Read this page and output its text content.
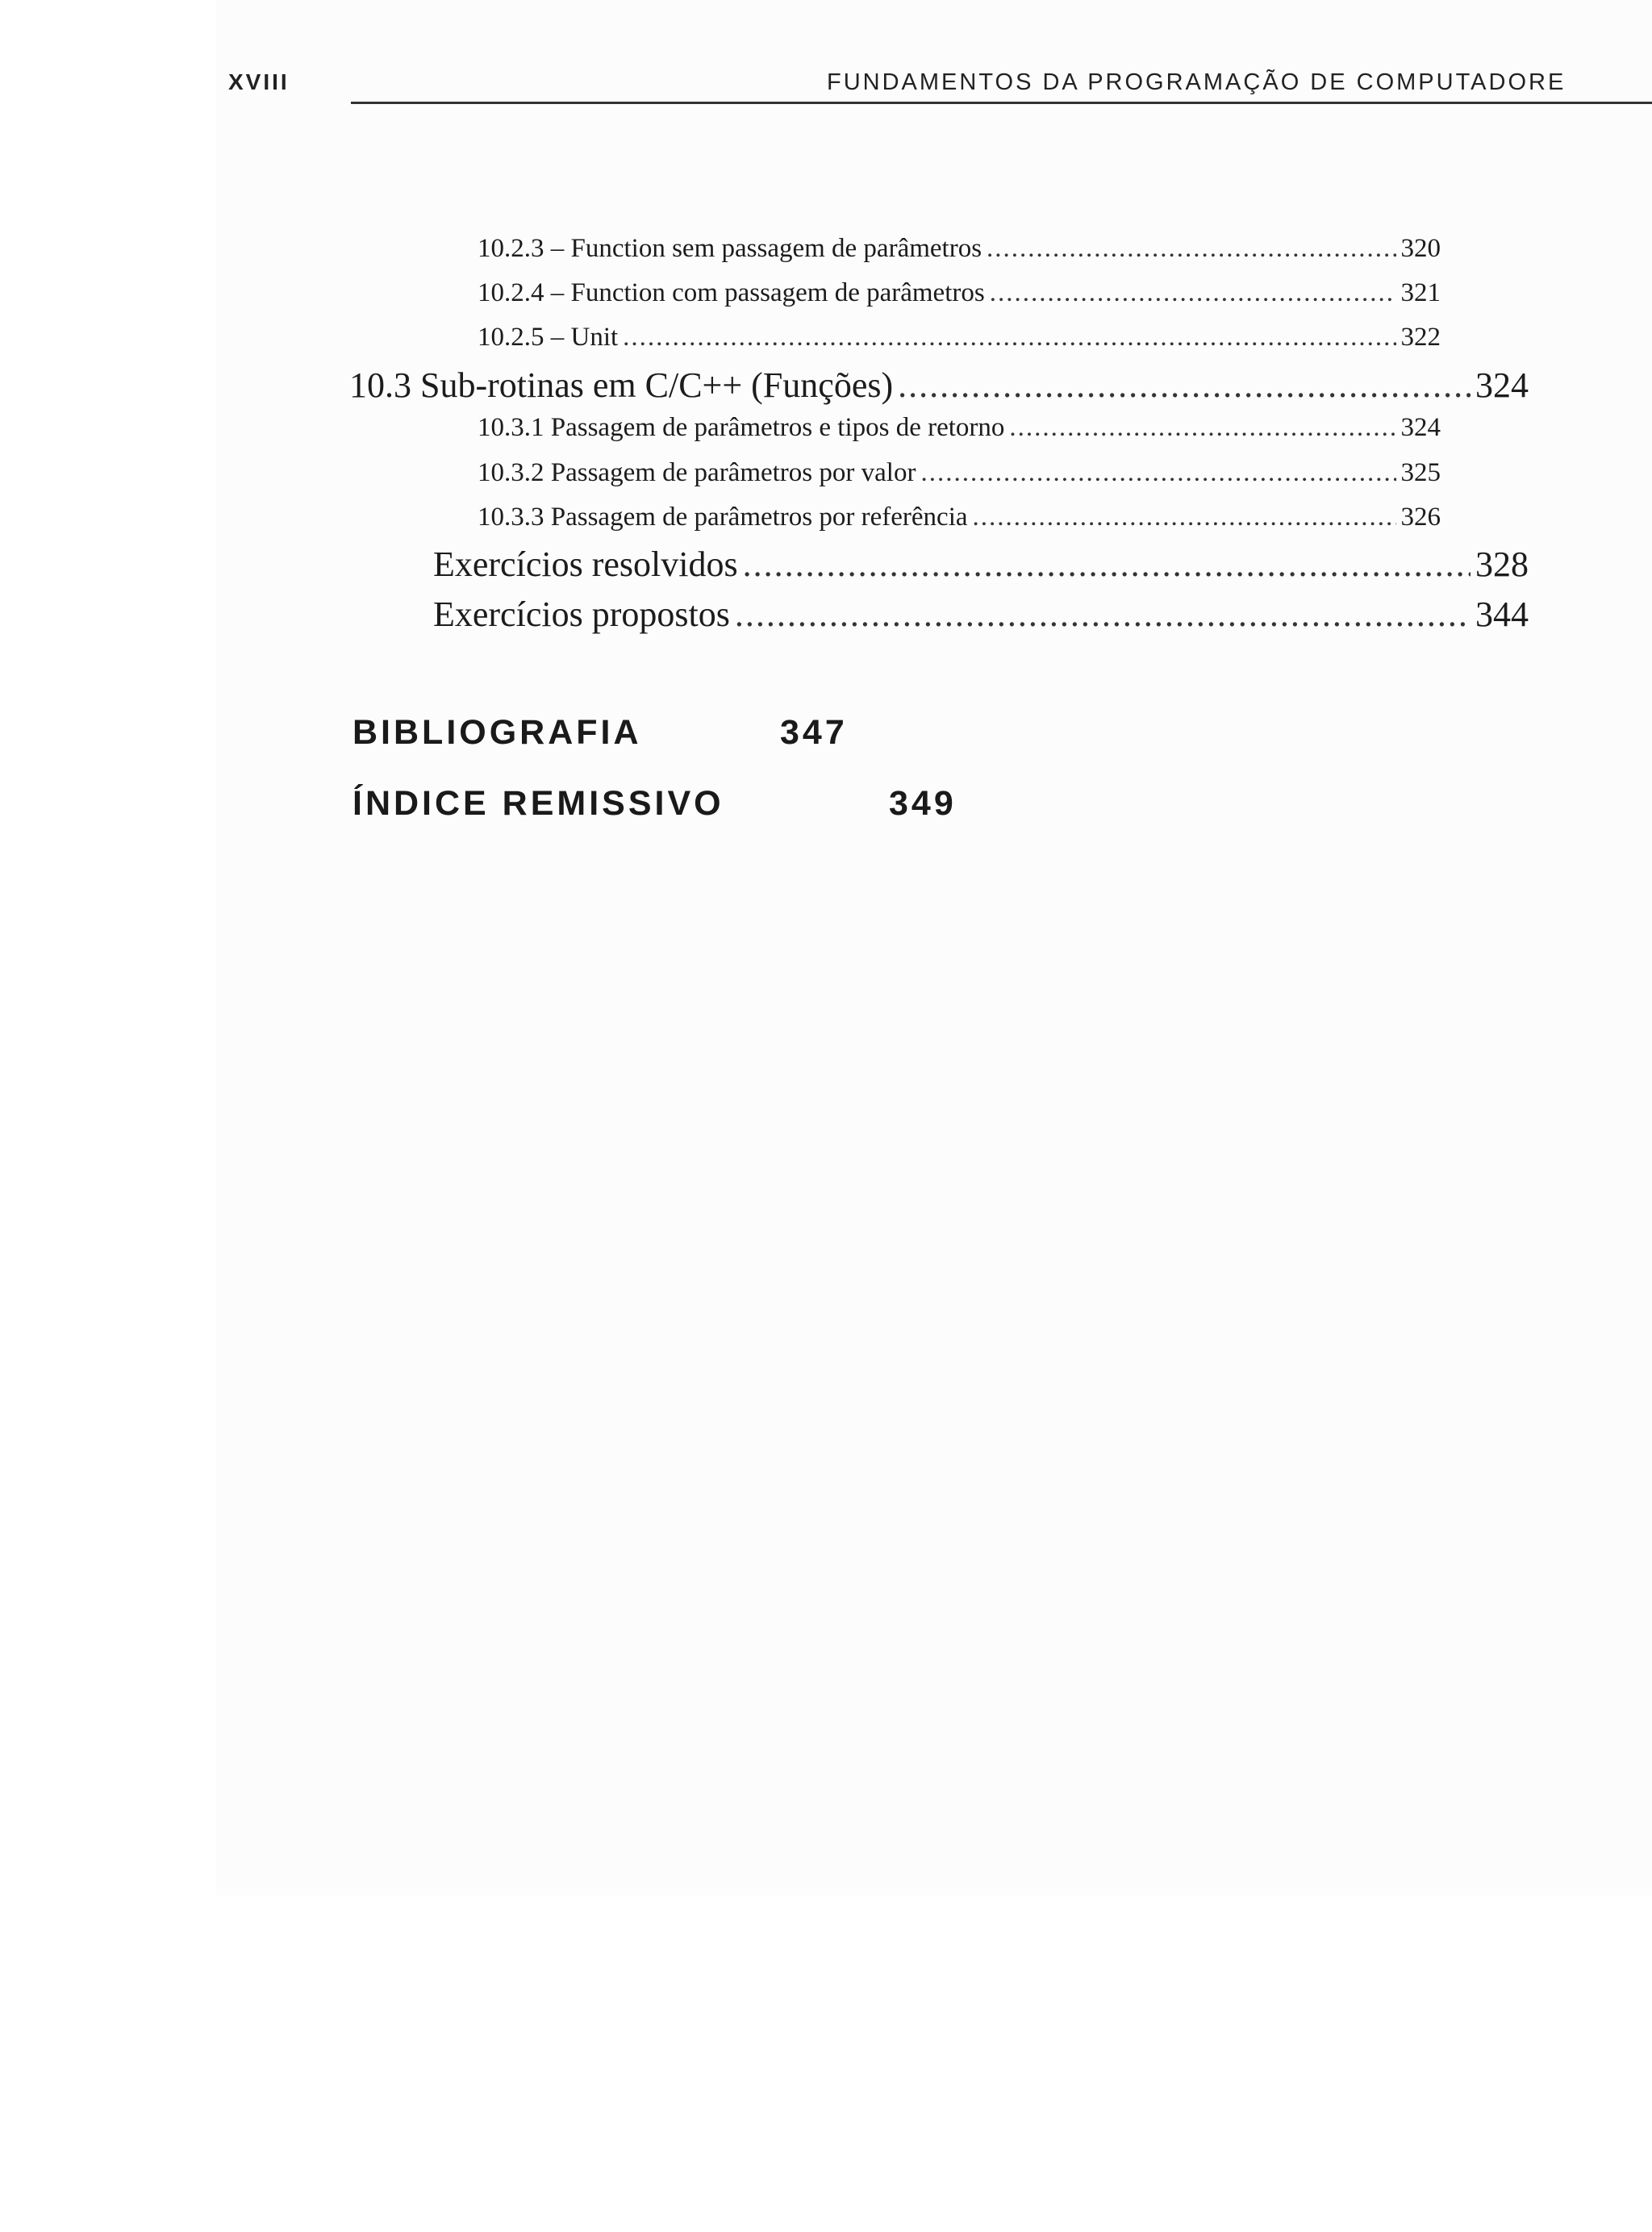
XVIII	FUNDAMENTOS DA PROGRAMAÇÃO DE COMPUTADORE
10.2.3 – Function sem passagem de parâmetros .....	320
10.2.4 – Function com passagem de parâmetros .....	321
10.2.5 – Unit .....	322
10.3 Sub-rotinas em C/C++ (Funções) .....	324
10.3.1 Passagem de parâmetros e tipos de retorno .....	324
10.3.2 Passagem de parâmetros por valor .....	325
10.3.3 Passagem de parâmetros por referência .....	326
Exercícios resolvidos .....	328
Exercícios propostos .....	344
BIBLIOGRAFIA	347
ÍNDICE REMISSIVO	349
